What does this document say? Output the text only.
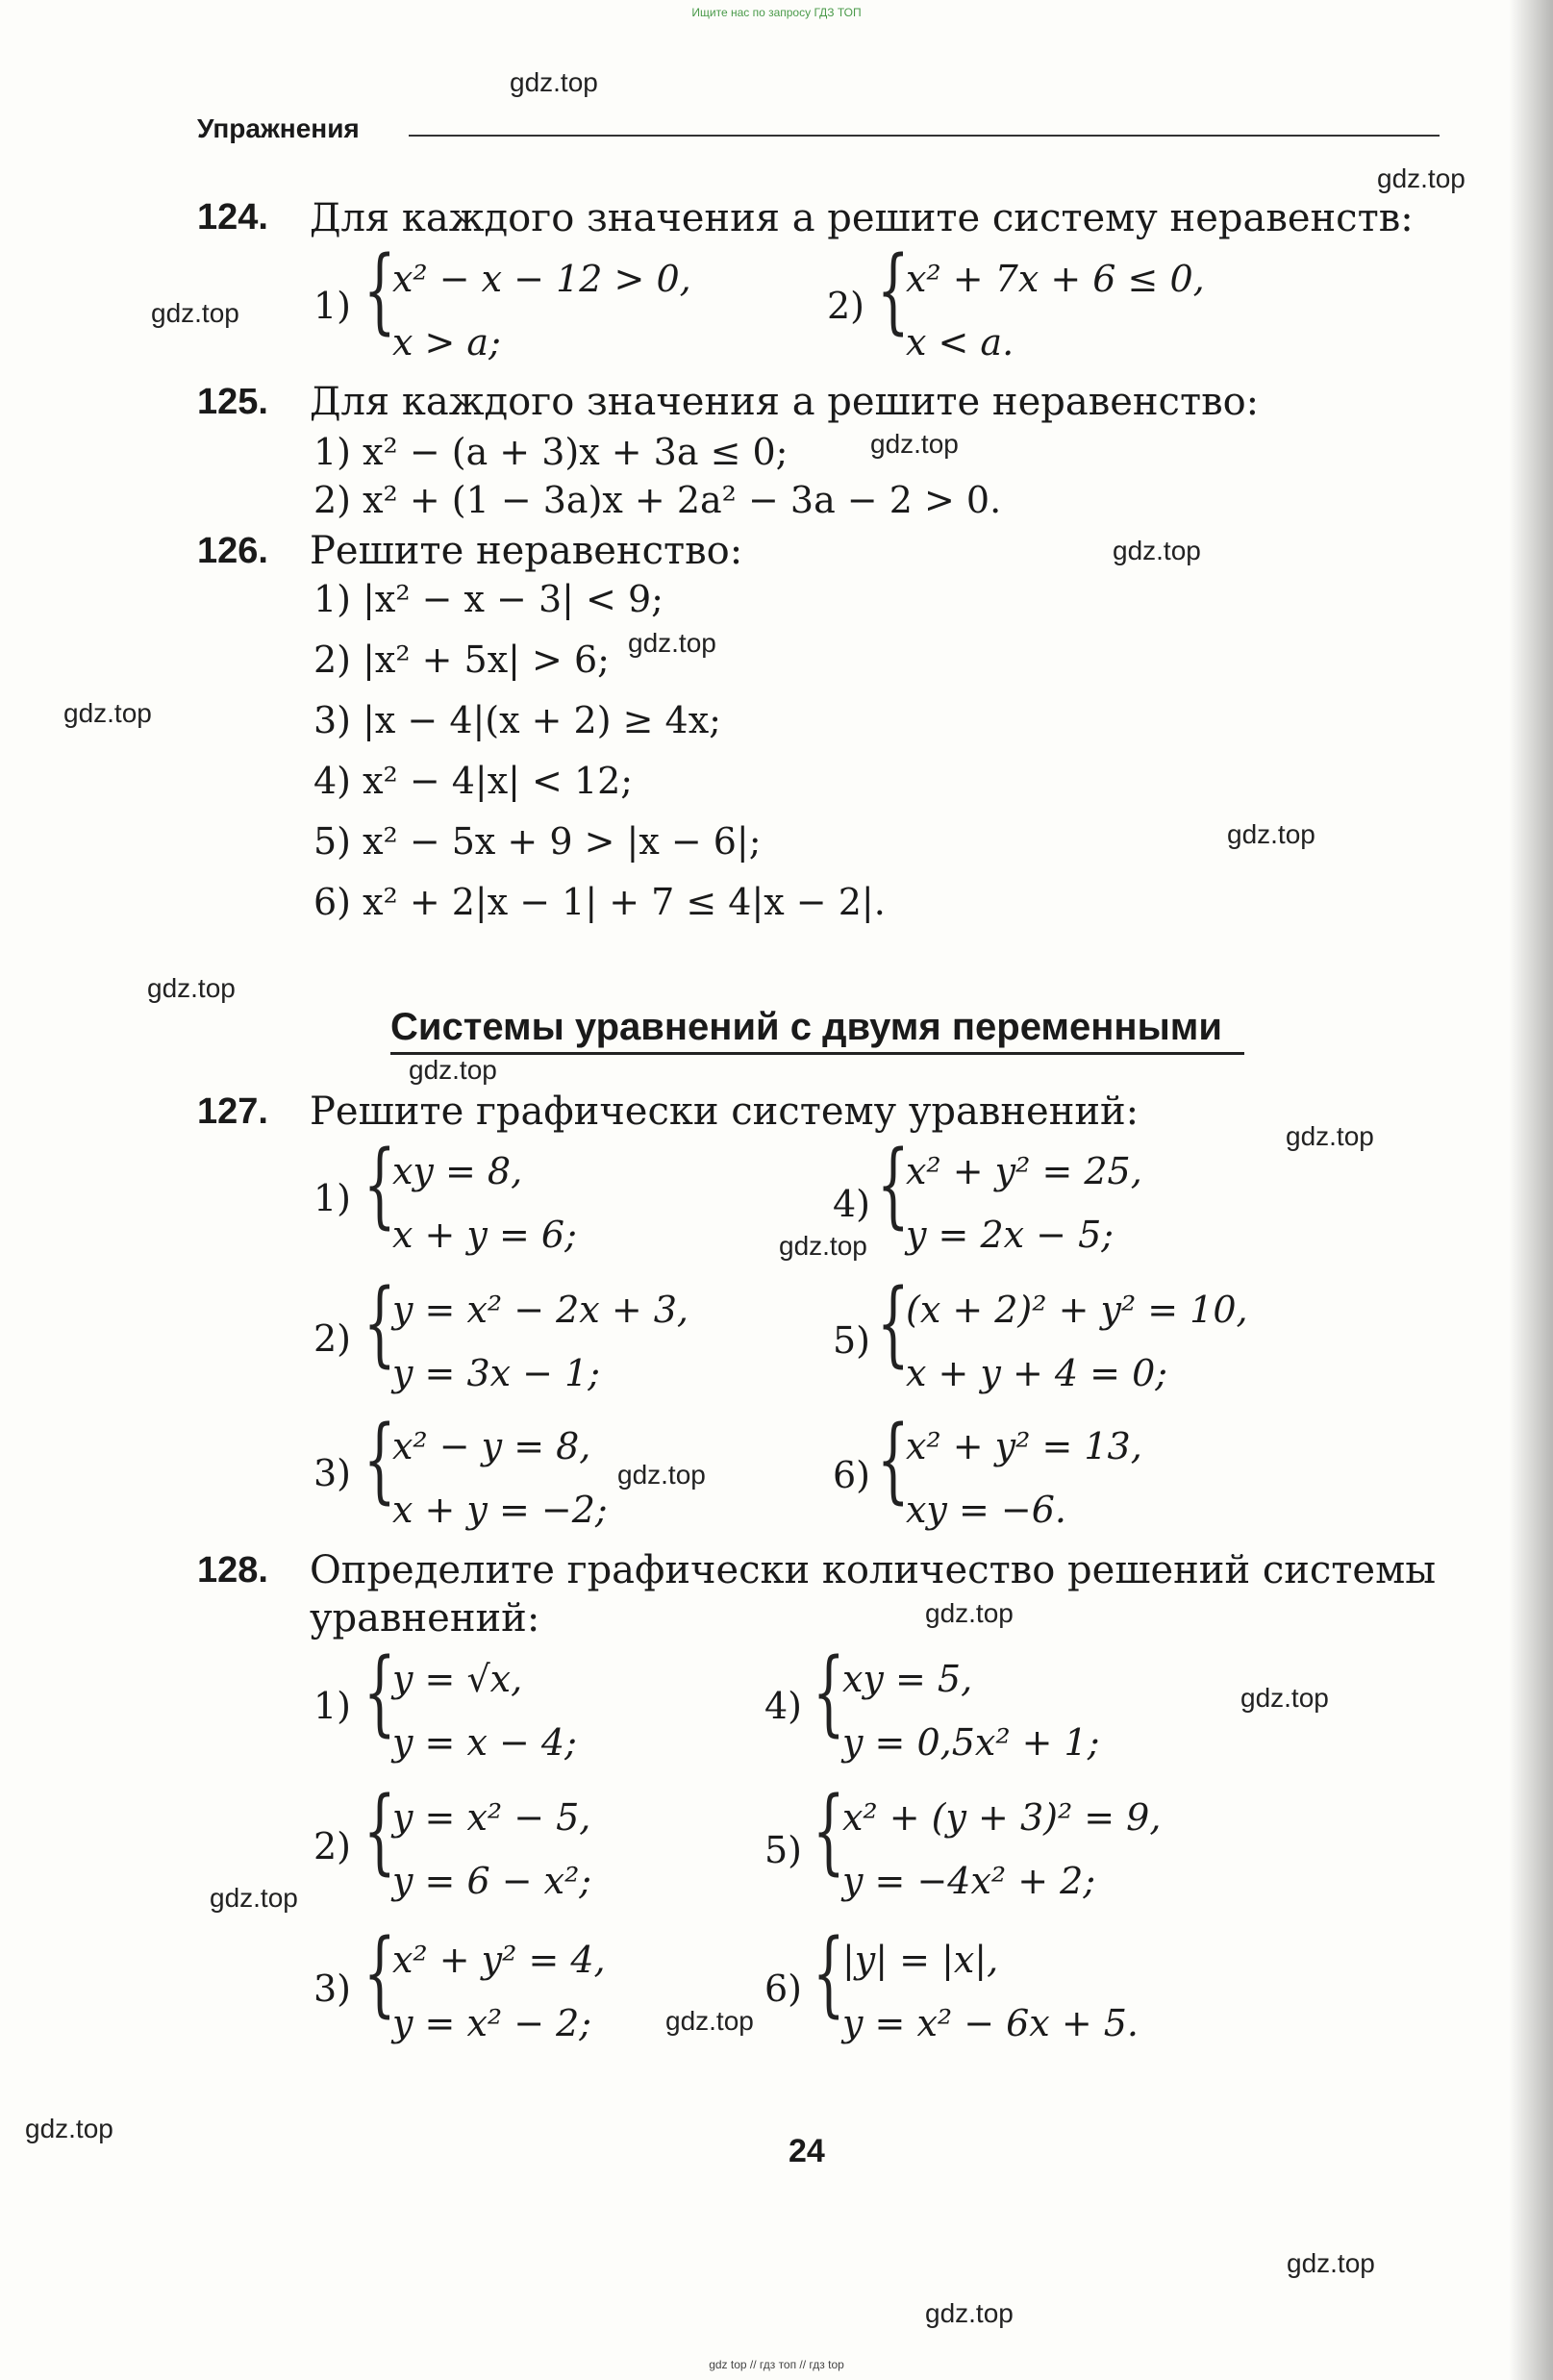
Ищите нас по запросу ГДЗ ТОП
Упражнения
gdz.top
gdz.top
gdz.top
gdz.top
gdz.top
gdz.top
gdz.top
gdz.top
gdz.top
gdz.top
gdz.top
gdz.top
gdz.top
gdz.top
gdz.top
gdz.top
gdz.top
gdz.top
gdz.top
gdz.top
124. Для каждого значения a решите систему неравенств:
1) {
x² − x − 12 > 0,
x > a;
2) {
x² + 7x + 6 ≤ 0,
x < a.
125. Для каждого значения a решите неравенство:
1) x² − (a + 3)x + 3a ≤ 0;
2) x² + (1 − 3a)x + 2a² − 3a − 2 > 0.
126. Решите неравенство:
1) |x² − x − 3| < 9;
2) |x² + 5x| > 6;
3) |x − 4|(x + 2) ≥ 4x;
4) x² − 4|x| < 12;
5) x² − 5x + 9 > |x − 6|;
6) x² + 2|x − 1| + 7 ≤ 4|x − 2|.
Системы уравнений с двумя переменными
127. Решите графически систему уравнений:
1) {
xy = 8,
x + y = 6;
2) {
y = x² − 2x + 3,
y = 3x − 1;
3) {
x² − y = 8,
x + y = −2;
4) {
x² + y² = 25,
y = 2x − 5;
5) {
(x + 2)² + y² = 10,
x + y + 4 = 0;
6) {
x² + y² = 13,
xy = −6.
128. Определите графически количество решений системы
уравнений:
1) {
y = √x,
y = x − 4;
2) {
y = x² − 5,
y = 6 − x²;
3) {
x² + y² = 4,
y = x² − 2;
4) {
xy = 5,
y = 0,5x² + 1;
5) {
x² + (y + 3)² = 9,
y = −4x² + 2;
6) {
|y| = |x|,
y = x² − 6x + 5.
24
gdz top // гдз топ // гдз top
